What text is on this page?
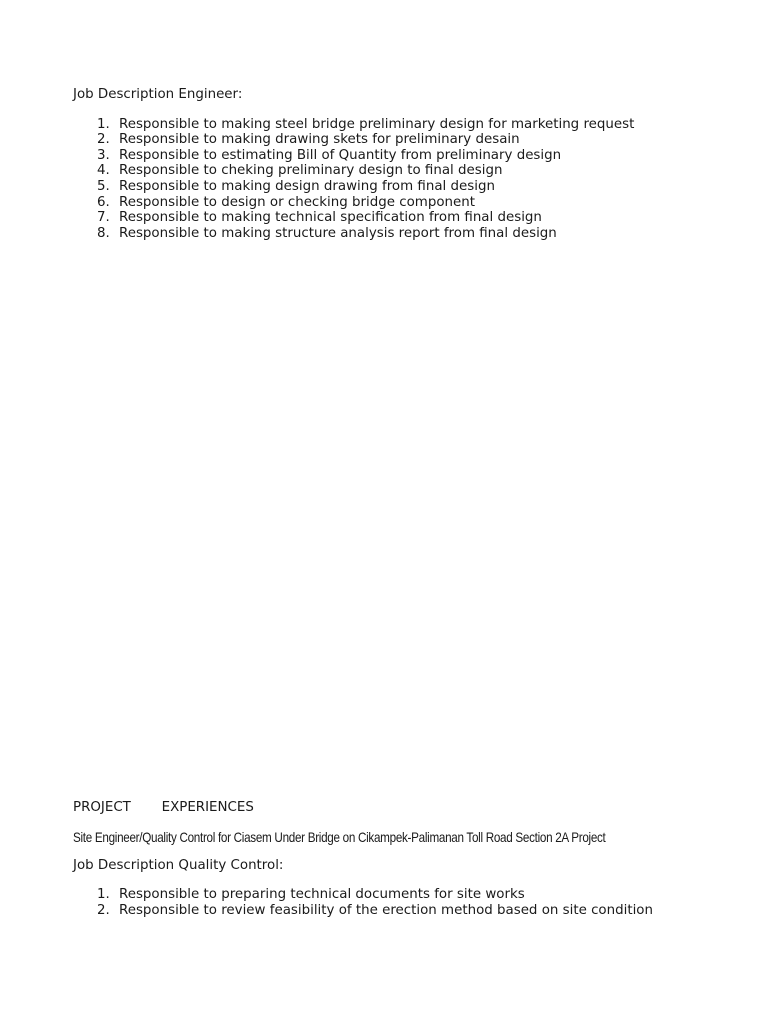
Job Description Engineer:
1. Responsible to making steel bridge preliminary design for marketing request
2. Responsible to making drawing skets for preliminary desain
3. Responsible to estimating Bill of Quantity from preliminary design
4. Responsible to cheking preliminary design to final design
5. Responsible to making design drawing from final design
6. Responsible to design or checking bridge component
7. Responsible to making technical specification from final design
8. Responsible to making structure analysis report from final design
PROJECT   EXPERIENCES
Site Engineer/Quality Control for Ciasem Under Bridge on Cikampek-Palimanan Toll Road Section 2A Project
Job Description Quality Control:
1. Responsible to preparing technical documents for site works
2. Responsible to review feasibility of the erection method based on site condition
